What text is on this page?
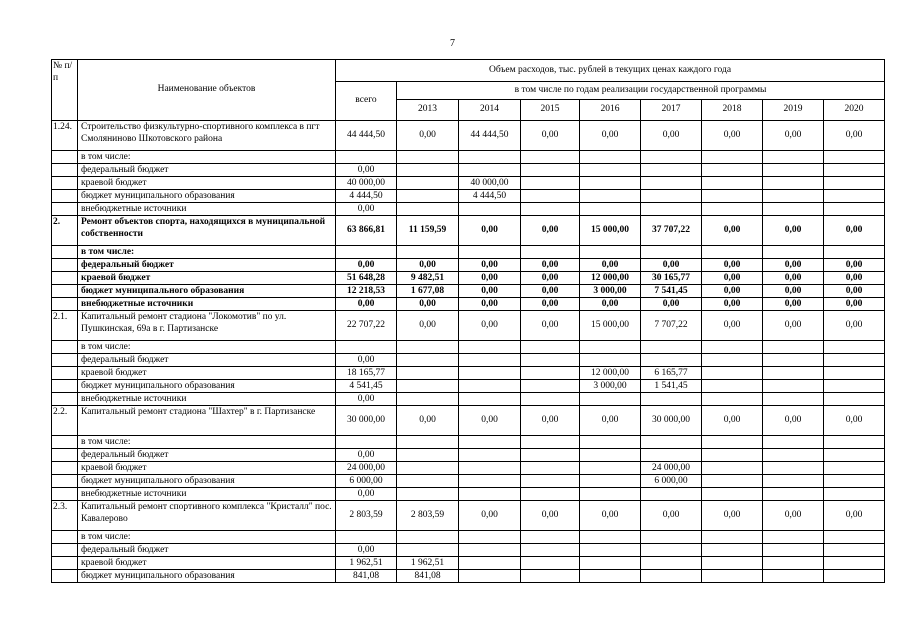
7
№ п/п	Наименование объектов	Объем расходов, тыс. рублей в текущих ценах каждого года								
		всего	в том числе по годам реализации государственной программы							
			2013	2014	2015	2016	2017	2018	2019	2020
1.24.	Строительство физкультурно-спортивного комплекса в пгт Смоляниново Шкотовского района	44 444,50	0,00	44 444,50	0,00	0,00	0,00	0,00	0,00	0,00
	в том числе:									
	федеральный бюджет	0,00								
	краевой бюджет	40 000,00		40 000,00						
	бюджет муниципального образования	4 444,50		4 444,50						
	внебюджетные источники	0,00								
2.	Ремонт объектов спорта, находящихся в муниципальной собственности	63 866,81	11 159,59	0,00	0,00	15 000,00	37 707,22	0,00	0,00	0,00
	в том числе:									
	федеральный бюджет	0,00	0,00	0,00	0,00	0,00	0,00	0,00	0,00	0,00
	краевой бюджет	51 648,28	9 482,51	0,00	0,00	12 000,00	30 165,77	0,00	0,00	0,00
	бюджет муниципального образования	12 218,53	1 677,08	0,00	0,00	3 000,00	7 541,45	0,00	0,00	0,00
	внебюджетные источники	0,00	0,00	0,00	0,00	0,00	0,00	0,00	0,00	0,00
2.1.	Капитальный ремонт стадиона "Локомотив" по ул. Пушкинская, 69а в г. Партизанске	22 707,22	0,00	0,00	0,00	15 000,00	7 707,22	0,00	0,00	0,00
	в том числе:									
	федеральный бюджет	0,00								
	краевой бюджет	18 165,77				12 000,00	6 165,77			
	бюджет муниципального образования	4 541,45				3 000,00	1 541,45			
	внебюджетные источники	0,00								
2.2.	Капитальный ремонт стадиона "Шахтер" в г. Партизанске	30 000,00	0,00	0,00	0,00	0,00	30 000,00	0,00	0,00	0,00
	в том числе:									
	федеральный бюджет	0,00								
	краевой бюджет	24 000,00					24 000,00			
	бюджет муниципального образования	6 000,00					6 000,00			
	внебюджетные источники	0,00								
2.3.	Капитальный ремонт спортивного комплекса "Кристалл" пос. Кавалерово	2 803,59	2 803,59	0,00	0,00	0,00	0,00	0,00	0,00	0,00
	в том числе:									
	федеральный бюджет	0,00								
	краевой бюджет	1 962,51	1 962,51							
	бюджет муниципального образования	841,08	841,08							
